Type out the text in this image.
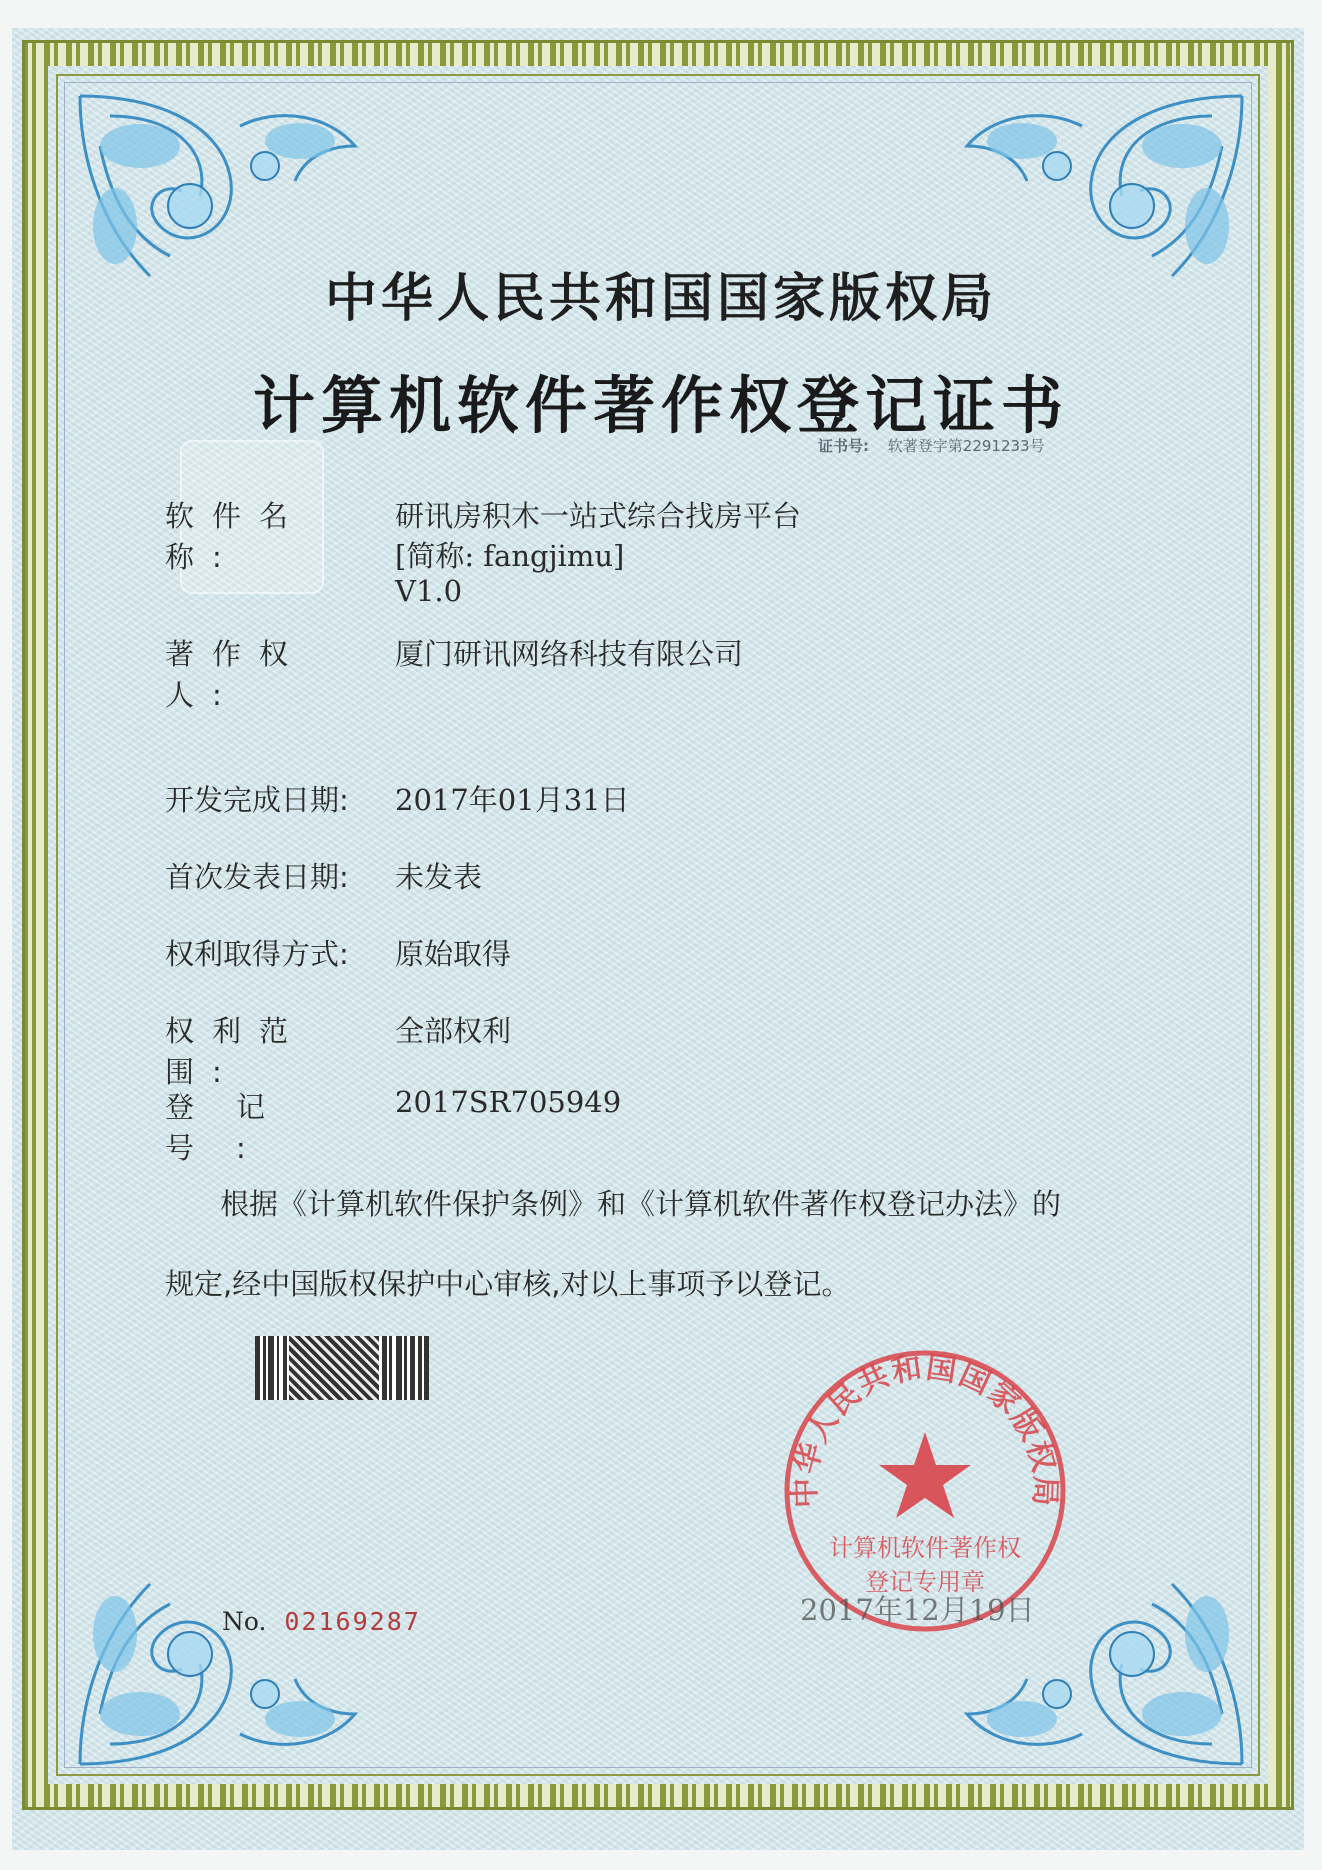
中华人民共和国国家版权局
计算机软件著作权登记证书
证书号: 软著登字第2291233号
软件名称:
研讯房积木一站式综合找房平台
[简称: fangjimu]
V1.0
著作权人:
厦门研讯网络科技有限公司
开发完成日期:	2017年01月31日
首次发表日期:	未发表
权利取得方式:	原始取得
权利范围:
全部权利
登记号:
2017SR705949
根据《计算机软件保护条例》和《计算机软件著作权登记办法》的
规定,经中国版权保护中心审核,对以上事项予以登记。
中华人民共和国国家版权局
计算机软件著作权
登记专用章
2017年12月19日
No. 02169287
